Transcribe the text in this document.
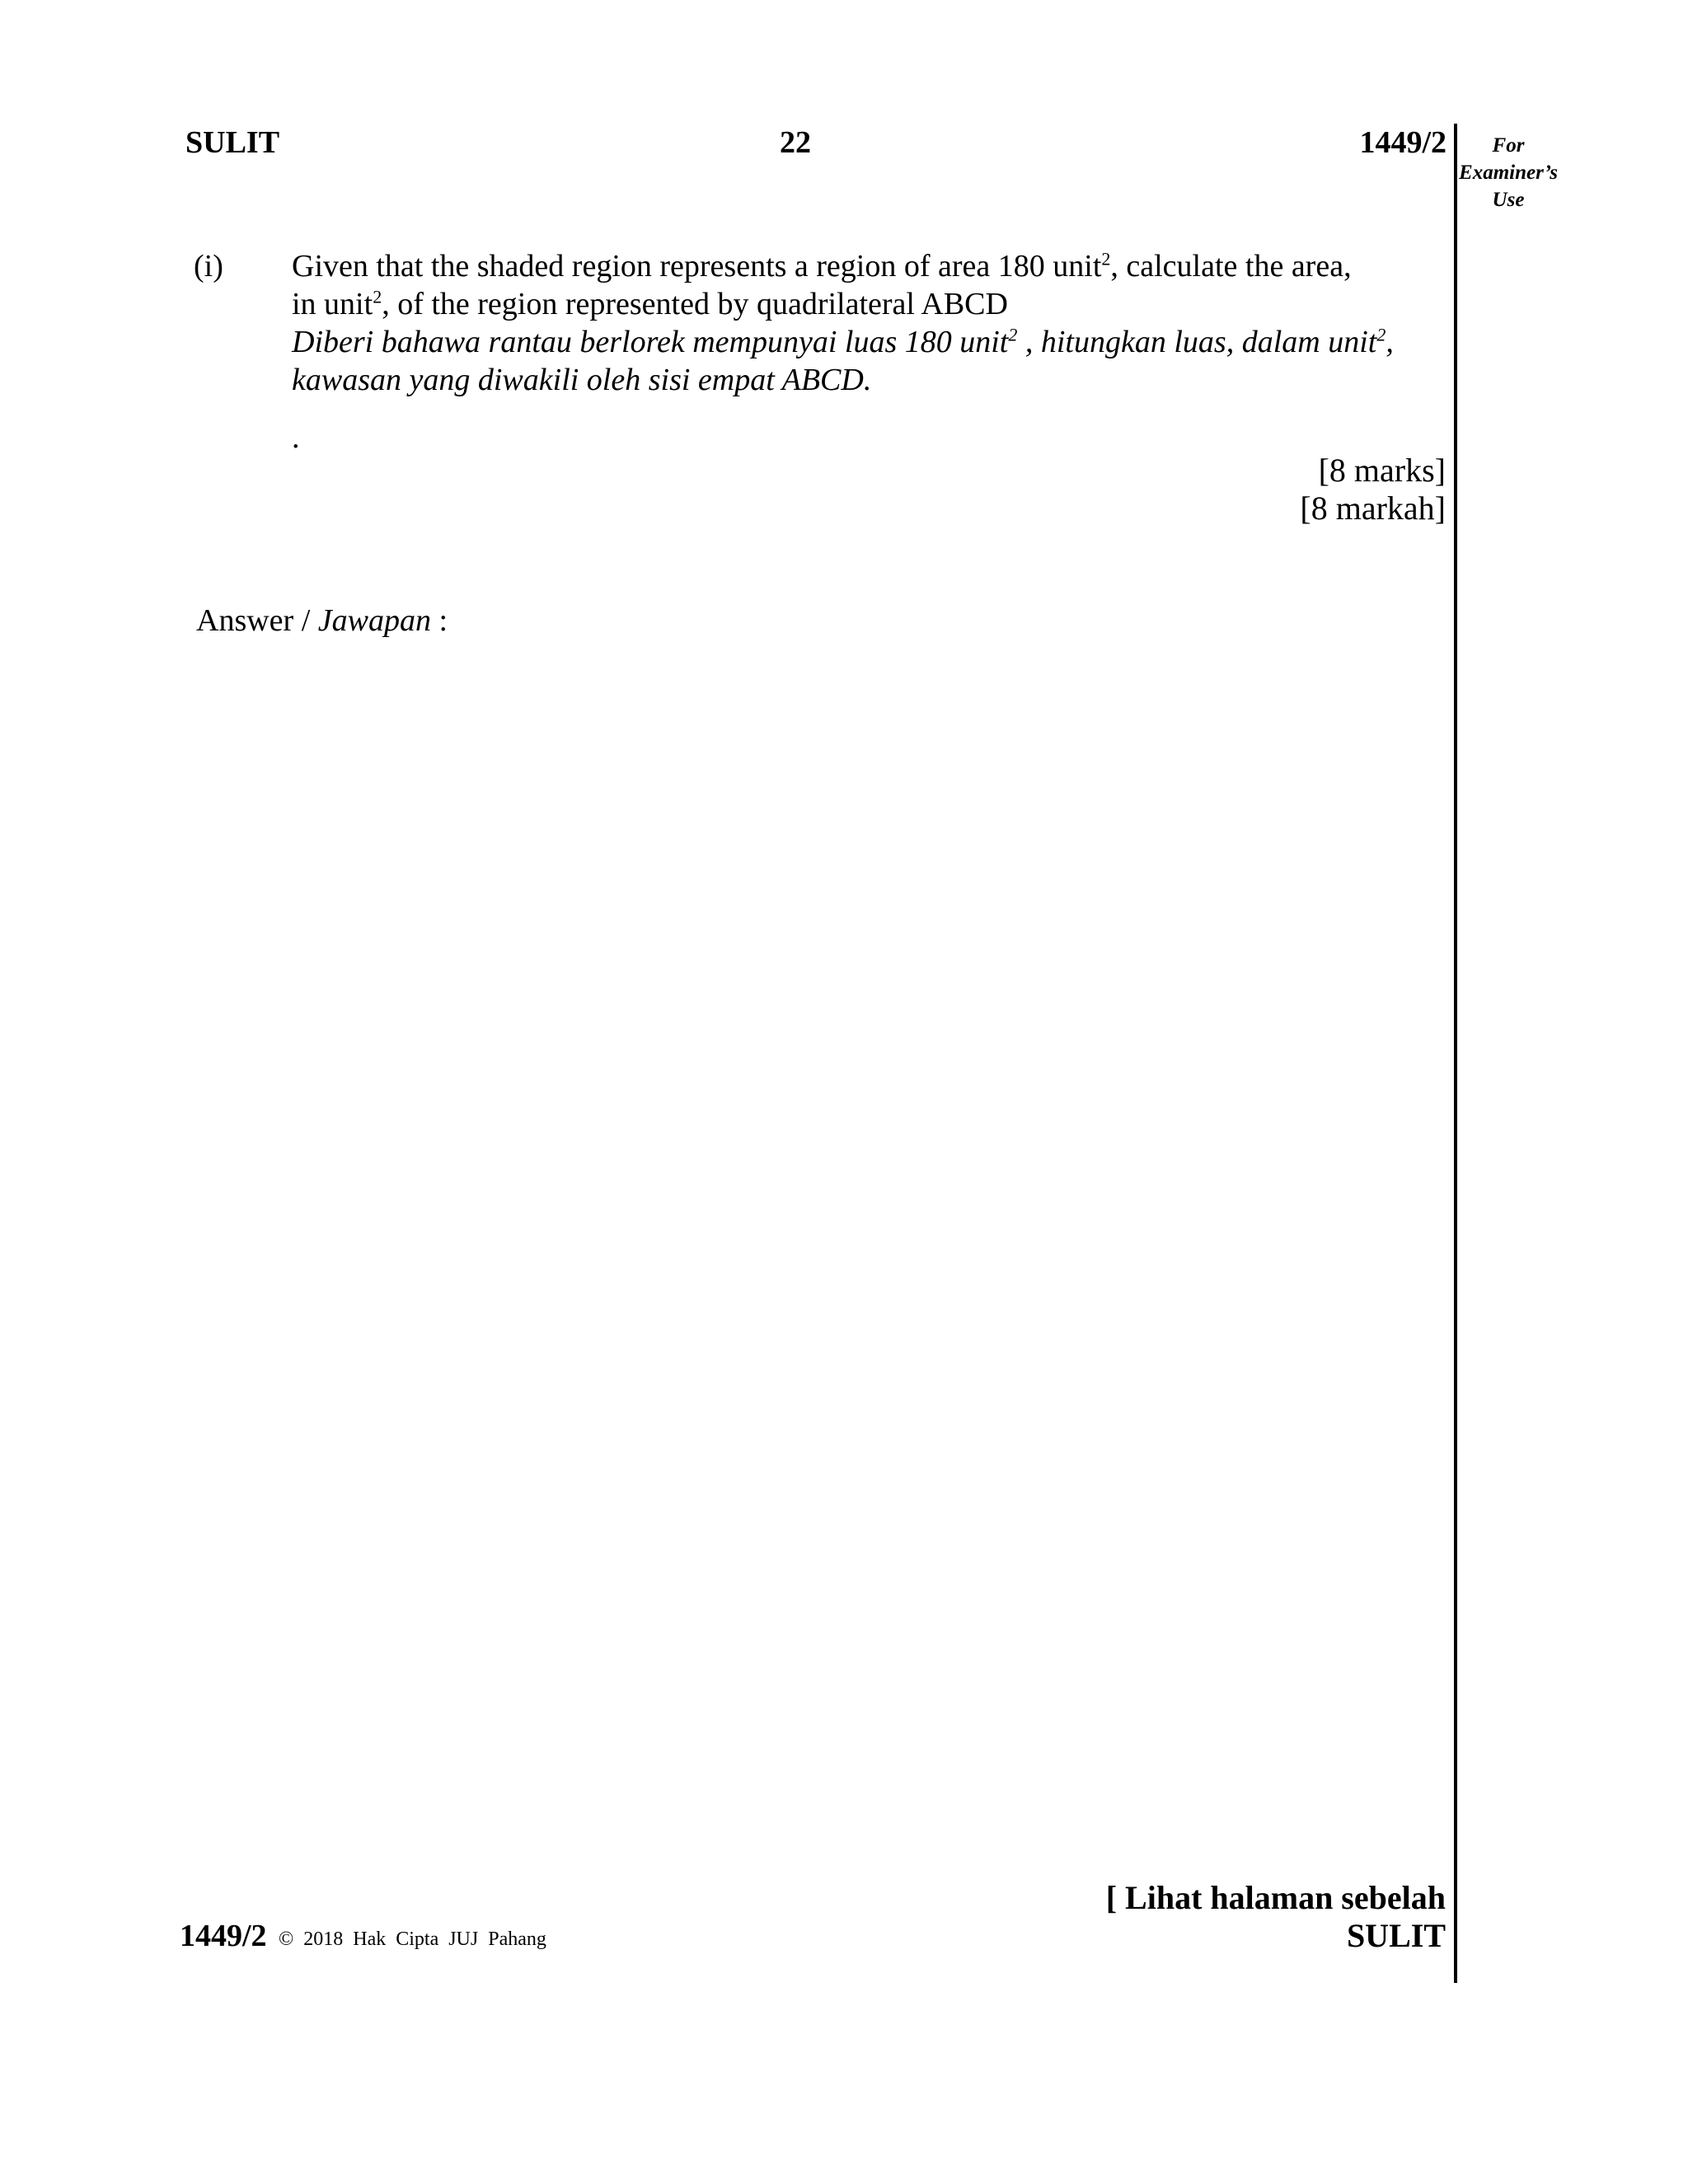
SULIT	22	1449/2	For
Examiner’s
Use
(i) Given that the shaded region represents a region of area 180 unit$^2$, calculate the area,
in unit$^2$, of the region represented by quadrilateral ABCD
Diberi bahawa rantau berlorek mempunyai luas 180 unit$^2$ , hitungkan luas, dalam unit$^2$,
kawasan yang diwakili oleh sisi empat ABCD.
.
[8 marks]
[8 markah]
Answer / Jawapan :
[ Lihat halaman sebelah
SULIT
1449/2 © 2018 Hak Cipta JUJ Pahang
